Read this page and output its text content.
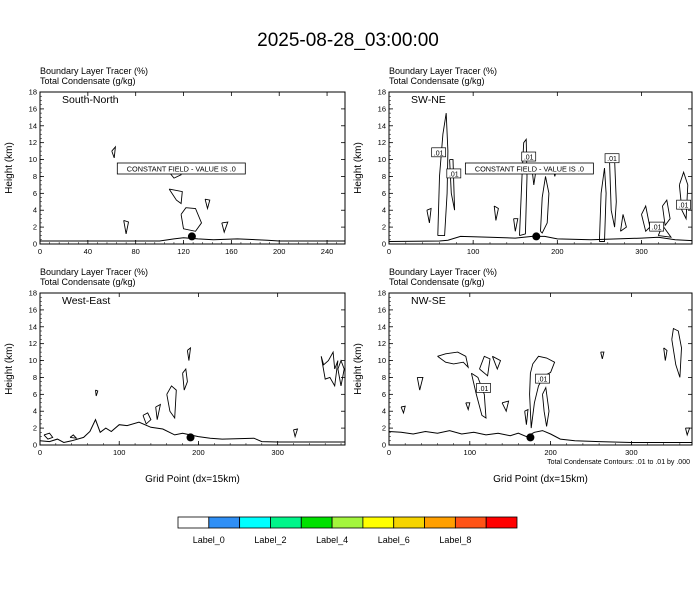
2025-08-28_03:00:00
Boundary Layer Tracer (%)
Total Condensate (g/kg)
0
2
4
6
8
10
12
14
16
18
0	40	80	120	160	200	240
Height (km)	CONSTANT FIELD - VALUE IS .0
South-North
Boundary Layer Tracer (%)
Total Condensate (g/kg)
0
2
4
6
8
10
12
14
16
18
0	100	200	300
Height (km)	.01
.01
.01	.01
.01
.01
CONSTANT FIELD - VALUE IS .0
SW-NE
Boundary Layer Tracer (%)
Total Condensate (g/kg)
0
2
4
6
8
10
12
14
16
18
0	100	200	300
Height (km)
Grid Point (dx=15km)
West-East
Boundary Layer Tracer (%)
Total Condensate (g/kg)
0
2
4
6
8
10
12
14
16
18
0	100	200	300
Height (km)
Grid Point (dx=15km)
.01
.01
NW-SE
Total Condensate Contours: .01 to .01 by .000
Label_0	Label_2	Label_4	Label_6	Label_8
